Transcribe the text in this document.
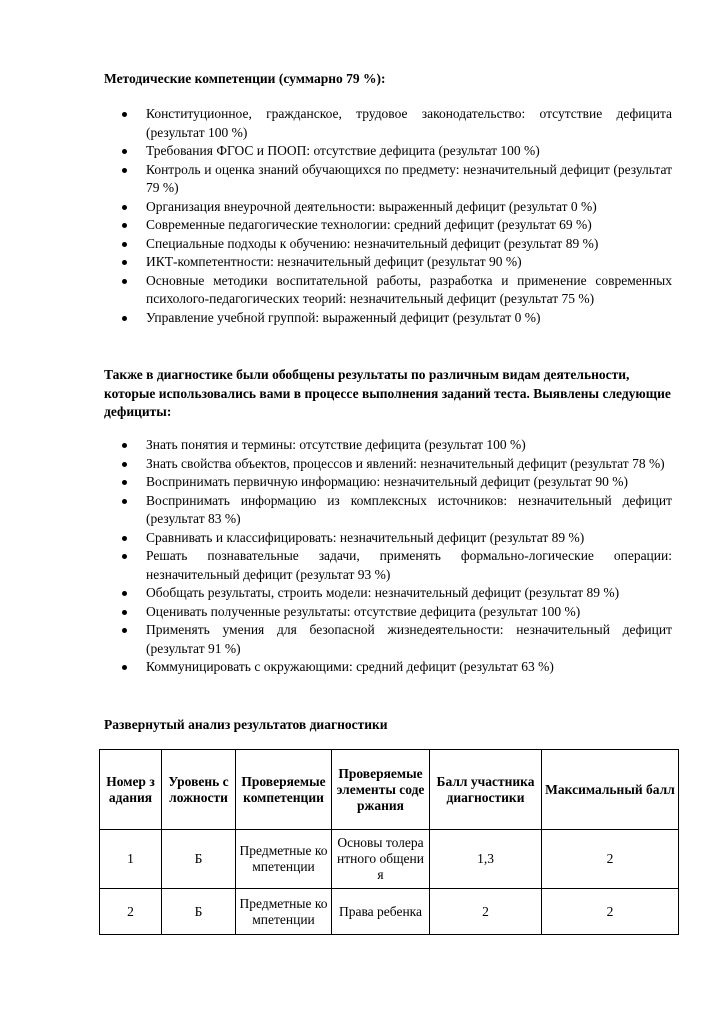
Методические компетенции (суммарно 79 %):

Конституционное, гражданское, трудовое законодательство: отсутствие дефицита (результат 100 %)
Требования ФГОС и ПООП: отсутствие дефицита (результат 100 %)
Контроль и оценка знаний обучающихся по предмету: незначительный дефицит (результат 79 %)
Организация внеурочной деятельности: выраженный дефицит (результат 0 %)
Современные педагогические технологии: средний дефицит (результат 69 %)
Специальные подходы к обучению: незначительный дефицит (результат 89 %)
ИКТ-компетентности: незначительный дефицит (результат 90 %)
Основные методики воспитательной работы, разработка и применение современных психолого-педагогических теорий: незначительный дефицит (результат 75 %)
Управление учебной группой: выраженный дефицит (результат 0 %)

Также в диагностике были обобщены результаты по различным видам деятельности, которые использовались вами в процессе выполнения заданий теста. Выявлены следующие дефициты:

Знать понятия и термины: отсутствие дефицита (результат 100 %)
Знать свойства объектов, процессов и явлений: незначительный дефицит (результат 78 %)
Воспринимать первичную информацию: незначительный дефицит (результат 90 %)
Воспринимать информацию из комплексных источников: незначительный дефицит (результат 83 %)
Сравнивать и классифицировать: незначительный дефицит (результат 89 %)
Решать познавательные задачи, применять формально-логические операции: незначительный дефицит (результат 93 %)
Обобщать результаты, строить модели: незначительный дефицит (результат 89 %)
Оценивать полученные результаты: отсутствие дефицита (результат 100 %)
Применять умения для безопасной жизнедеятельности: незначительный дефицит (результат 91 %)
Коммуницировать с окружающими: средний дефицит (результат 63 %)

Развернутый анализ результатов диагностики

Номер задания	Уровень сложности	Проверяемые компетенции	Проверяемые элементы содержания	Балл участника диагностики	Максимальный балл
1	Б	Предметные компетенции	Основы толерантного общения	1,3	2
2	Б	Предметные компетенции	Права ребенка	2	2
